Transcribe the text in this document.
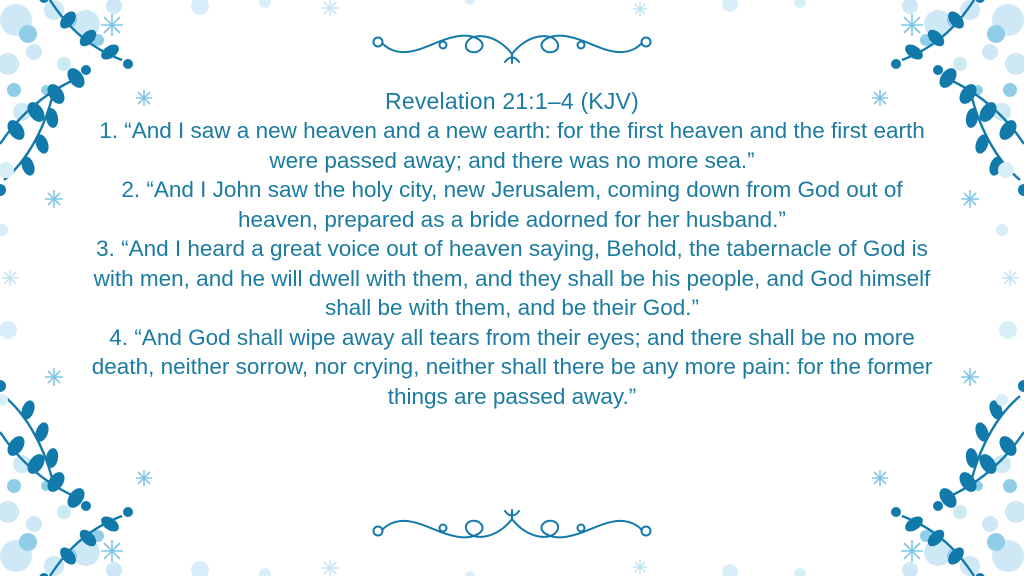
Revelation 21:1–4 (KJV)

1. “And I saw a new heaven and a new earth: for the first heaven and the first earth were passed away; and there was no more sea.”

2. “And I John saw the holy city, new Jerusalem, coming down from God out of heaven, prepared as a bride adorned for her husband.”

3. “And I heard a great voice out of heaven saying, Behold, the tabernacle of God is with men, and he will dwell with them, and they shall be his people, and God himself shall be with them, and be their God.”

4. “And God shall wipe away all tears from their eyes; and there shall be no more death, neither sorrow, nor crying, neither shall there be any more pain: for the former things are passed away.”
